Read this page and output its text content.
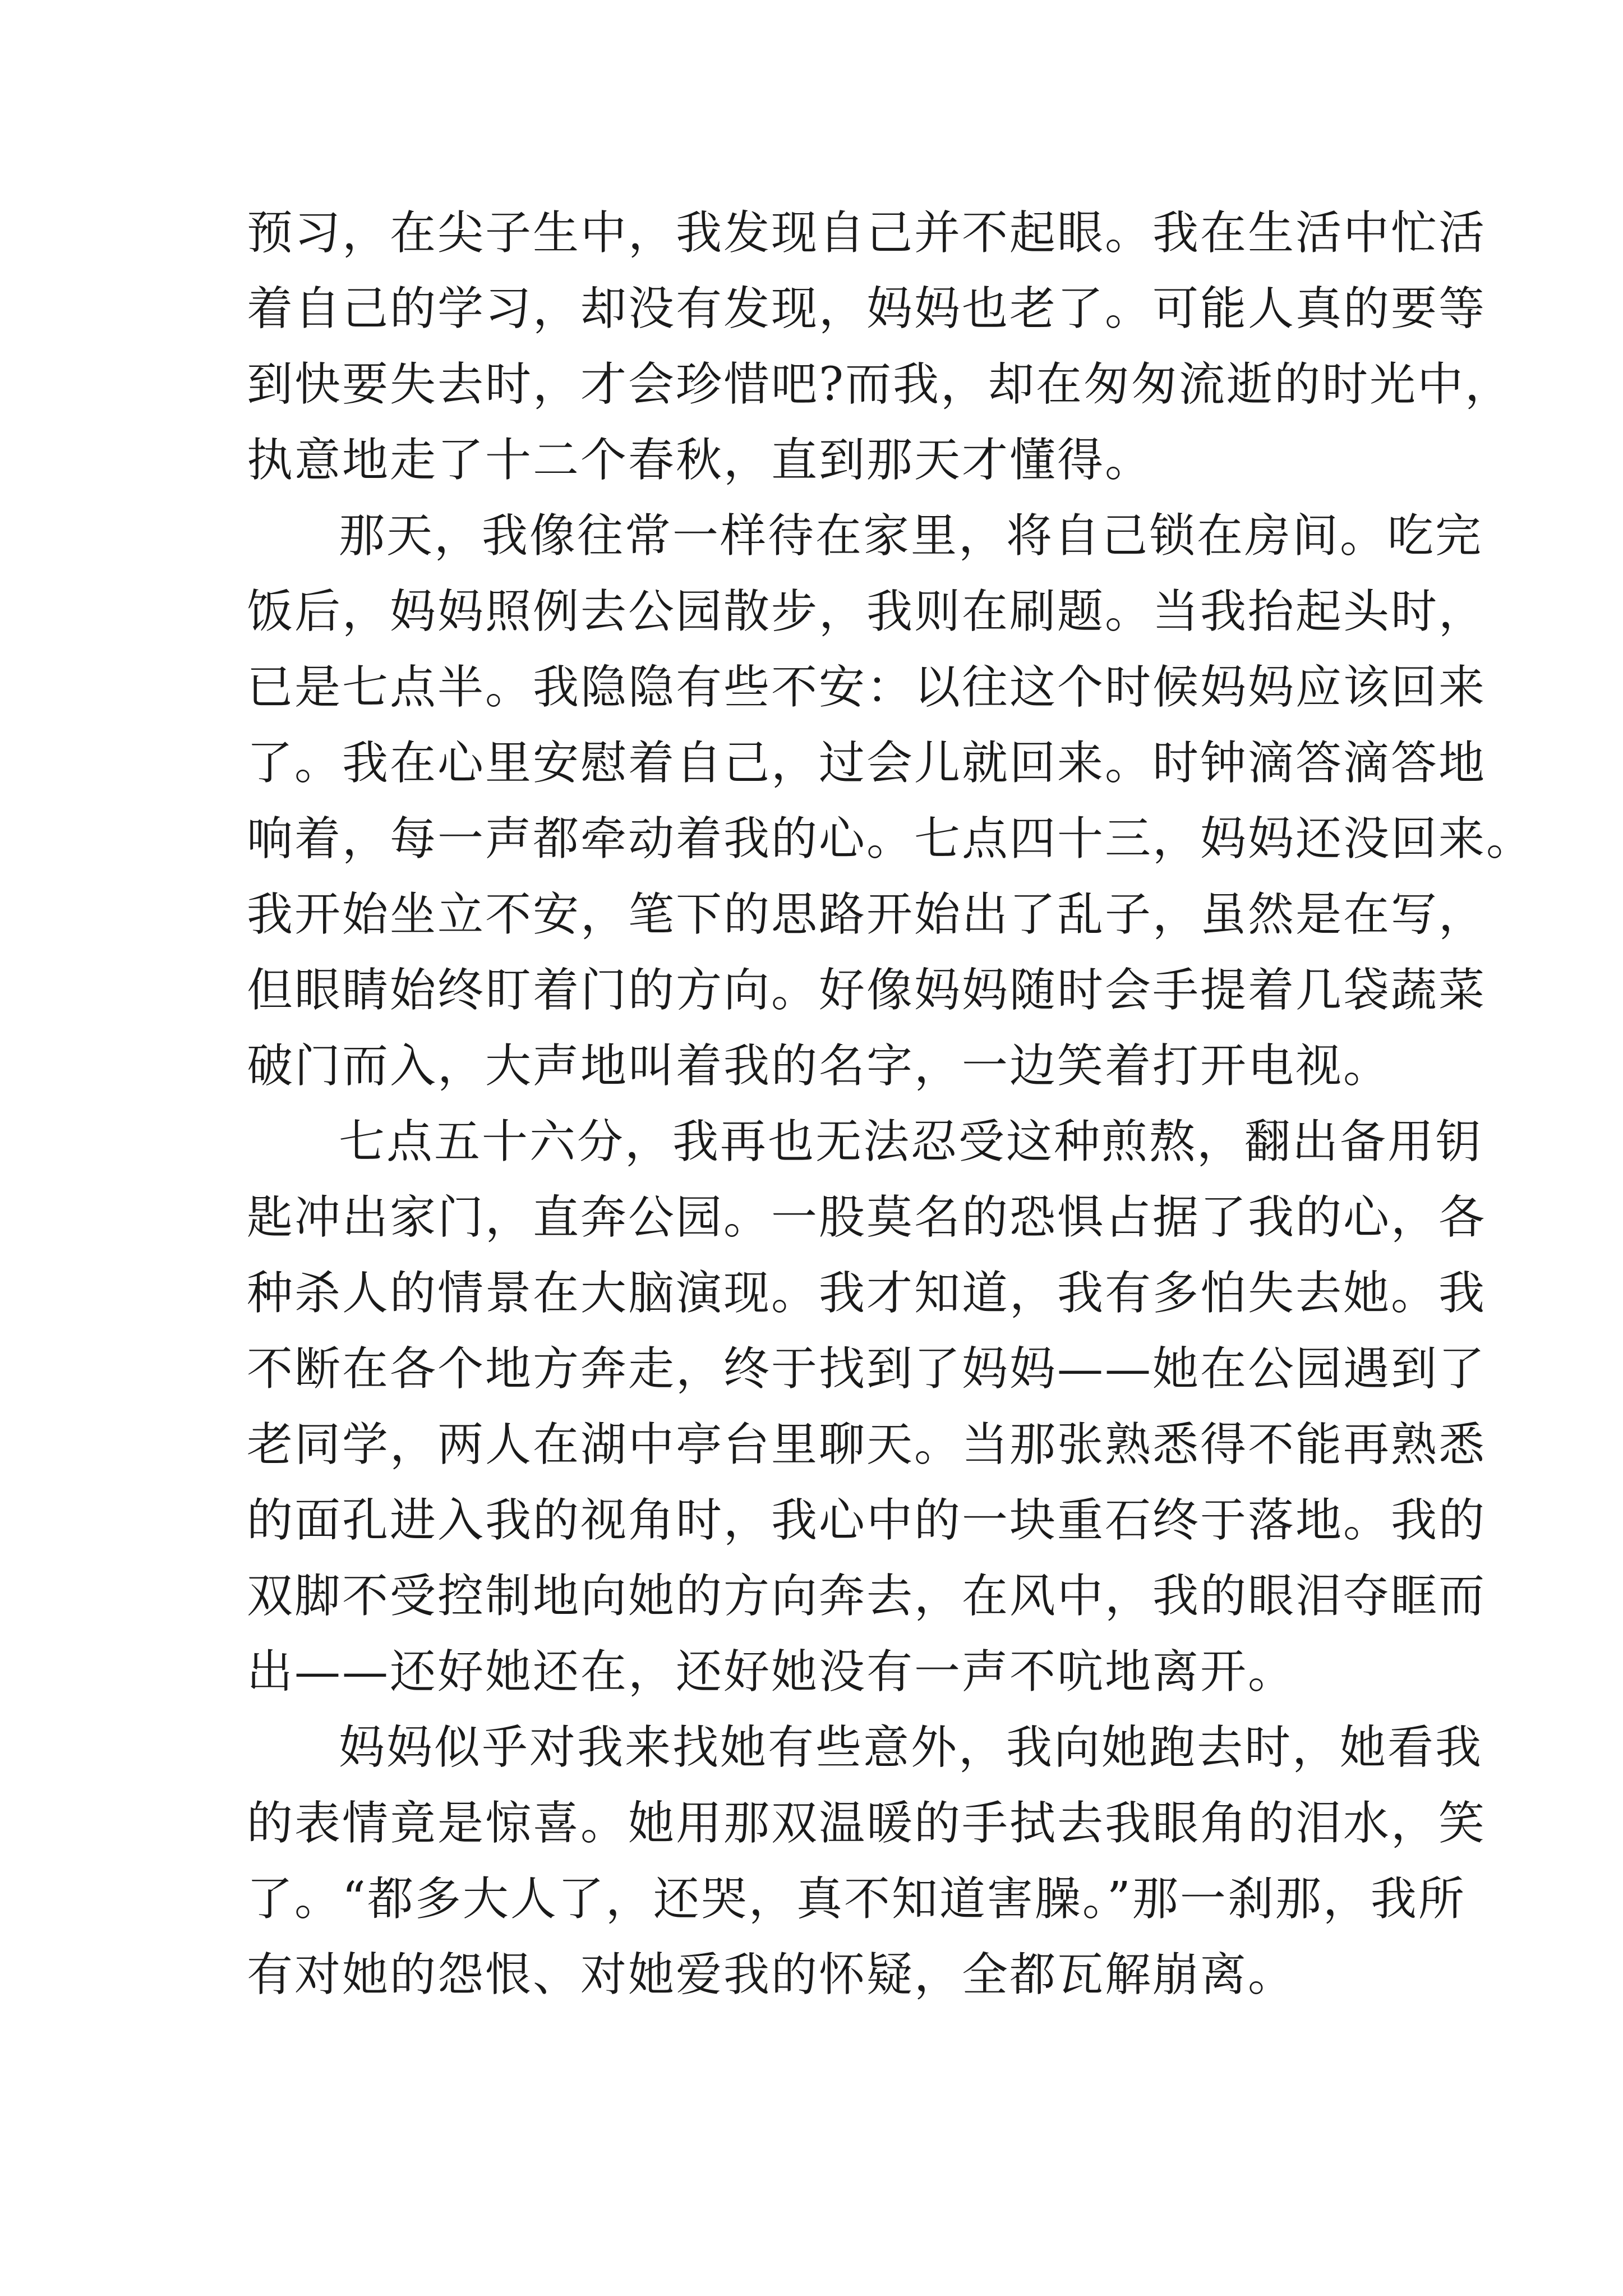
预习，在尖子生中，我发现自己并不起眼。我在生活中忙活
着自己的学习，却没有发现，妈妈也老了。可能人真的要等
到快要失去时，才会珍惜吧?而我，却在匆匆流逝的时光中，
执意地走了十二个春秋，直到那天才懂得。
那天，我像往常一样待在家里，将自己锁在房间。吃完
饭后，妈妈照例去公园散步，我则在刷题。当我抬起头时，
已是七点半。我隐隐有些不安：以往这个时候妈妈应该回来
了。我在心里安慰着自己，过会儿就回来。时钟滴答滴答地
响着，每一声都牵动着我的心。七点四十三，妈妈还没回来。
我开始坐立不安，笔下的思路开始出了乱子，虽然是在写，
但眼睛始终盯着门的方向。好像妈妈随时会手提着几袋蔬菜
破门而入，大声地叫着我的名字，一边笑着打开电视。
七点五十六分，我再也无法忍受这种煎熬，翻出备用钥
匙冲出家门，直奔公园。一股莫名的恐惧占据了我的心，各
种杀人的情景在大脑演现。我才知道，我有多怕失去她。我
不断在各个地方奔走，终于找到了妈妈——她在公园遇到了
老同学，两人在湖中亭台里聊天。当那张熟悉得不能再熟悉
的面孔进入我的视角时，我心中的一块重石终于落地。我的
双脚不受控制地向她的方向奔去，在风中，我的眼泪夺眶而
出——还好她还在，还好她没有一声不吭地离开。
妈妈似乎对我来找她有些意外，我向她跑去时，她看我
的表情竟是惊喜。她用那双温暖的手拭去我眼角的泪水，笑
了。“都多大人了，还哭，真不知道害臊。”那一刹那，我所
有对她的怨恨、对她爱我的怀疑，全都瓦解崩离。
